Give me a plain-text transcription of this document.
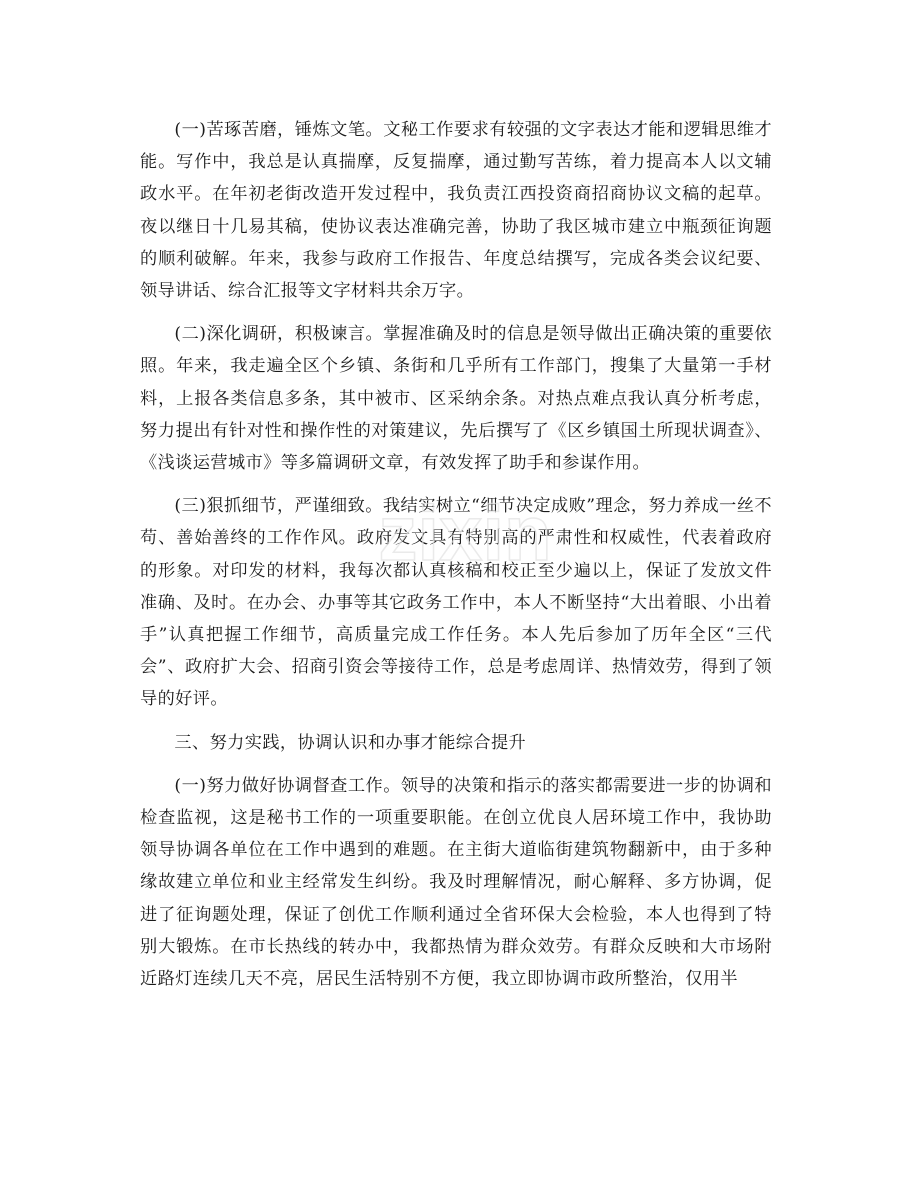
(一)苦琢苦磨，锤炼文笔。文秘工作要求有较强的文字表达才能和逻辑思维才能。写作中，我总是认真揣摩，反复揣摩，通过勤写苦练，着力提高本人以文辅政水平。在年初老街改造开发过程中，我负责江西投资商招商协议文稿的起草。夜以继日十几易其稿，使协议表达准确完善，协助了我区城市建立中瓶颈征询题的顺利破解。年来，我参与政府工作报告、年度总结撰写，完成各类会议纪要、领导讲话、综合汇报等文字材料共余万字。

(二)深化调研，积极谏言。掌握准确及时的信息是领导做出正确决策的重要依照。年来，我走遍全区个乡镇、条街和几乎所有工作部门，搜集了大量第一手材料，上报各类信息多条，其中被市、区采纳余条。对热点难点我认真分析考虑，努力提出有针对性和操作性的对策建议，先后撰写了《区乡镇国土所现状调查》、《浅谈运营城市》等多篇调研文章，有效发挥了助手和参谋作用。

(三)狠抓细节，严谨细致。我结实树立“细节决定成败”理念，努力养成一丝不苟、善始善终的工作作风。政府发文具有特别高的严肃性和权威性，代表着政府的形象。对印发的材料，我每次都认真核稿和校正至少遍以上，保证了发放文件准确、及时。在办会、办事等其它政务工作中，本人不断坚持“大出着眼、小出着手”认真把握工作细节，高质量完成工作任务。本人先后参加了历年全区“三代会”、政府扩大会、招商引资会等接待工作，总是考虑周详、热情效劳，得到了领导的好评。

三、努力实践，协调认识和办事才能综合提升

(一)努力做好协调督查工作。领导的决策和指示的落实都需要进一步的协调和检查监视，这是秘书工作的一项重要职能。在创立优良人居环境工作中，我协助领导协调各单位在工作中遇到的难题。在主街大道临街建筑物翻新中，由于多种缘故建立单位和业主经常发生纠纷。我及时理解情况，耐心解释、多方协调，促进了征询题处理，保证了创优工作顺利通过全省环保大会检验，本人也得到了特别大锻炼。在市长热线的转办中，我都热情为群众效劳。有群众反映和大市场附近路灯连续几天不亮，居民生活特别不方便，我立即协调市政所整治，仅用半

zixin
